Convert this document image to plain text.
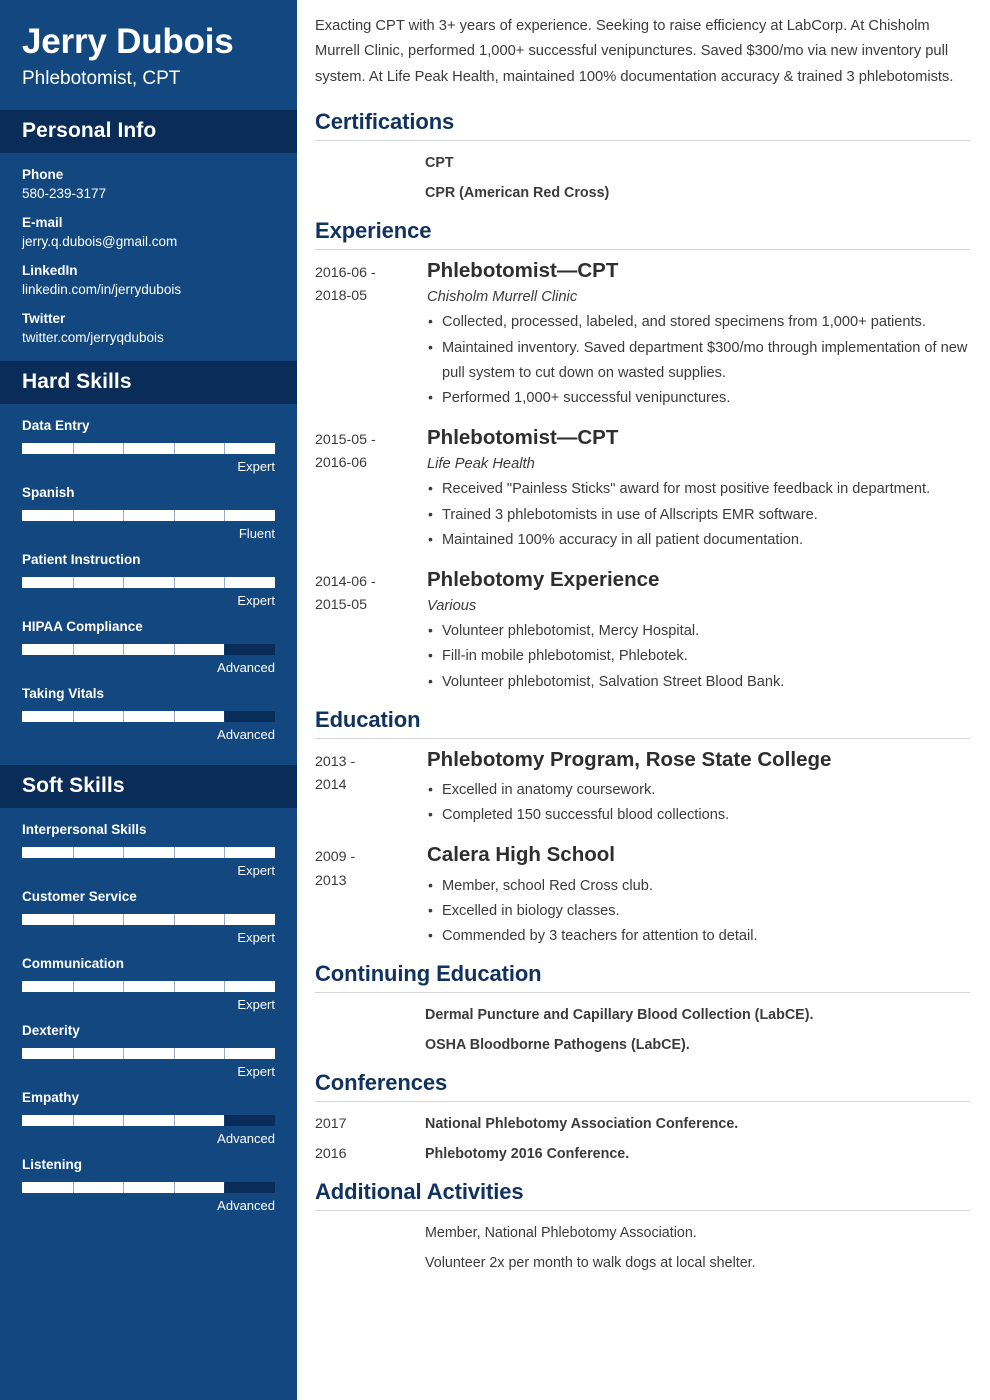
Jerry Dubois
Phlebotomist, CPT
Personal Info
Phone
580-239-3177
E-mail
jerry.q.dubois@gmail.com
LinkedIn
linkedin.com/in/jerrydubois
Twitter
twitter.com/jerryqdubois
Hard Skills
Data Entry
Expert
Spanish
Fluent
Patient Instruction
Expert
HIPAA Compliance
Advanced
Taking Vitals
Advanced
Soft Skills
Interpersonal Skills
Expert
Customer Service
Expert
Communication
Expert
Dexterity
Expert
Empathy
Advanced
Listening
Advanced

Exacting CPT with 3+ years of experience. Seeking to raise efficiency at LabCorp. At Chisholm Murrell Clinic, performed 1,000+ successful venipunctures. Saved $300/mo via new inventory pull system. At Life Peak Health, maintained 100% documentation accuracy & trained 3 phlebotomists.

Certifications
CPT
CPR (American Red Cross)
Experience
2016-06 -
2018-05
Phlebotomist—CPT
Chisholm Murrell Clinic
• Collected, processed, labeled, and stored specimens from 1,000+ patients.
• Maintained inventory. Saved department $300/mo through implementation of new pull system to cut down on wasted supplies.
• Performed 1,000+ successful venipunctures.
2015-05 -
2016-06
Phlebotomist—CPT
Life Peak Health
• Received "Painless Sticks" award for most positive feedback in department.
• Trained 3 phlebotomists in use of Allscripts EMR software.
• Maintained 100% accuracy in all patient documentation.
2014-06 -
2015-05
Phlebotomy Experience
Various
• Volunteer phlebotomist, Mercy Hospital.
• Fill-in mobile phlebotomist, Phlebotek.
• Volunteer phlebotomist, Salvation Street Blood Bank.
Education
2013 -
2014
Phlebotomy Program, Rose State College
• Excelled in anatomy coursework.
• Completed 150 successful blood collections.
2009 -
2013
Calera High School
• Member, school Red Cross club.
• Excelled in biology classes.
• Commended by 3 teachers for attention to detail.
Continuing Education
Dermal Puncture and Capillary Blood Collection (LabCE).
OSHA Bloodborne Pathogens (LabCE).
Conferences
2017	National Phlebotomy Association Conference.
2016	Phlebotomy 2016 Conference.
Additional Activities
Member, National Phlebotomy Association.
Volunteer 2x per month to walk dogs at local shelter.
